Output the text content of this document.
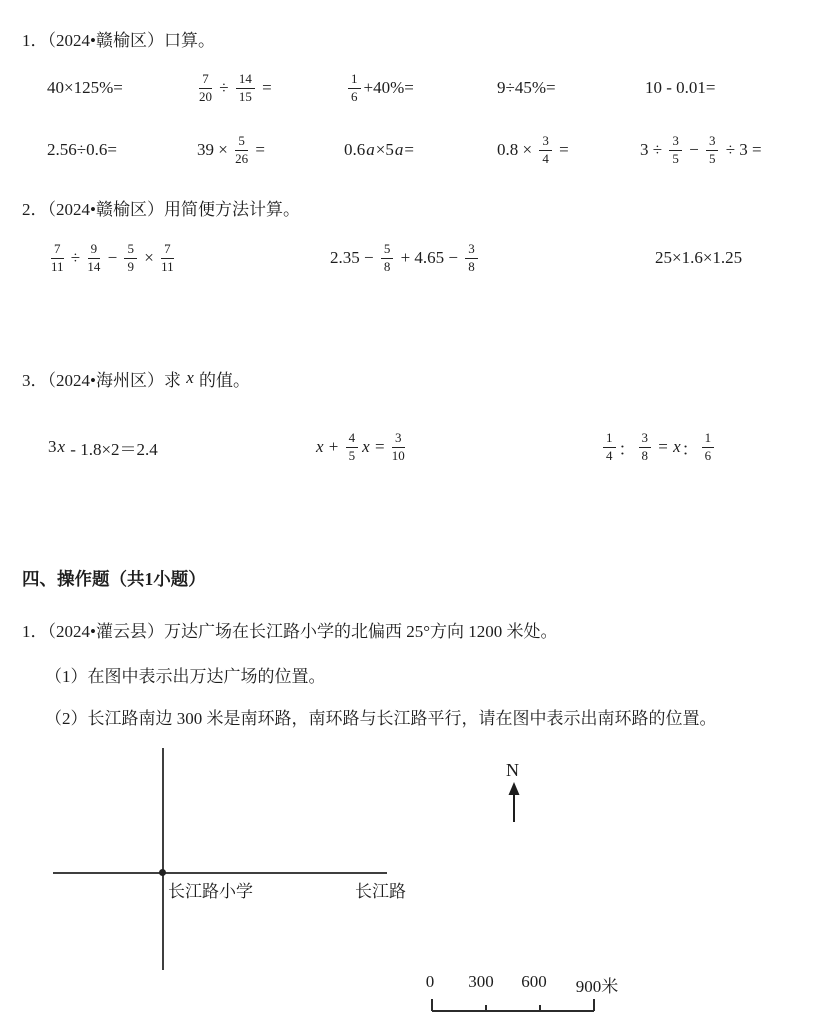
1．（2024•赣榆区）口算。
40×125%=	$\frac{7}{20} \div \frac{14}{15}$ =	$\frac{1}{6} +40\%=$	9÷45%=	10 - 0.01=
2.56÷0.6=	$39 \times \frac{5}{26}$ =	0.6 a ×5 a =	$0.8 \times \frac{3}{4}$ =	$3 \div \frac{3}{5} - \frac{3}{5} \div 3$ =
2．（2024•赣榆区）用简便方法计算。
$\frac{7}{11} \div \frac{9}{14} - \frac{5}{9} \times \frac{7}{11}$	$2.35 - \frac{5}{8} + 4.65 - \frac{3}{8}$	25×1.6×1.25
3．（2024•海州区）求 x 的值。
3 x - 1.8×2＝2.4	$x + \frac{4}{5}$ $x = \frac{3}{10}$	$\frac{1}{4}$ ： $\frac{3}{8} = x$ ： $\frac{1}{6}$
四、操作题（共1小题）
1．（2024•灌云县）万达广场在长江路小学的北偏西 25°方向 1200 米处。
（1）在图中表示出万达广场的位置。
（2）长江路南边 300 米是南环路，南环路与长江路平行，请在图中表示出南环路的位置。
长江路小学	长江路
N
0 300 600 900米
